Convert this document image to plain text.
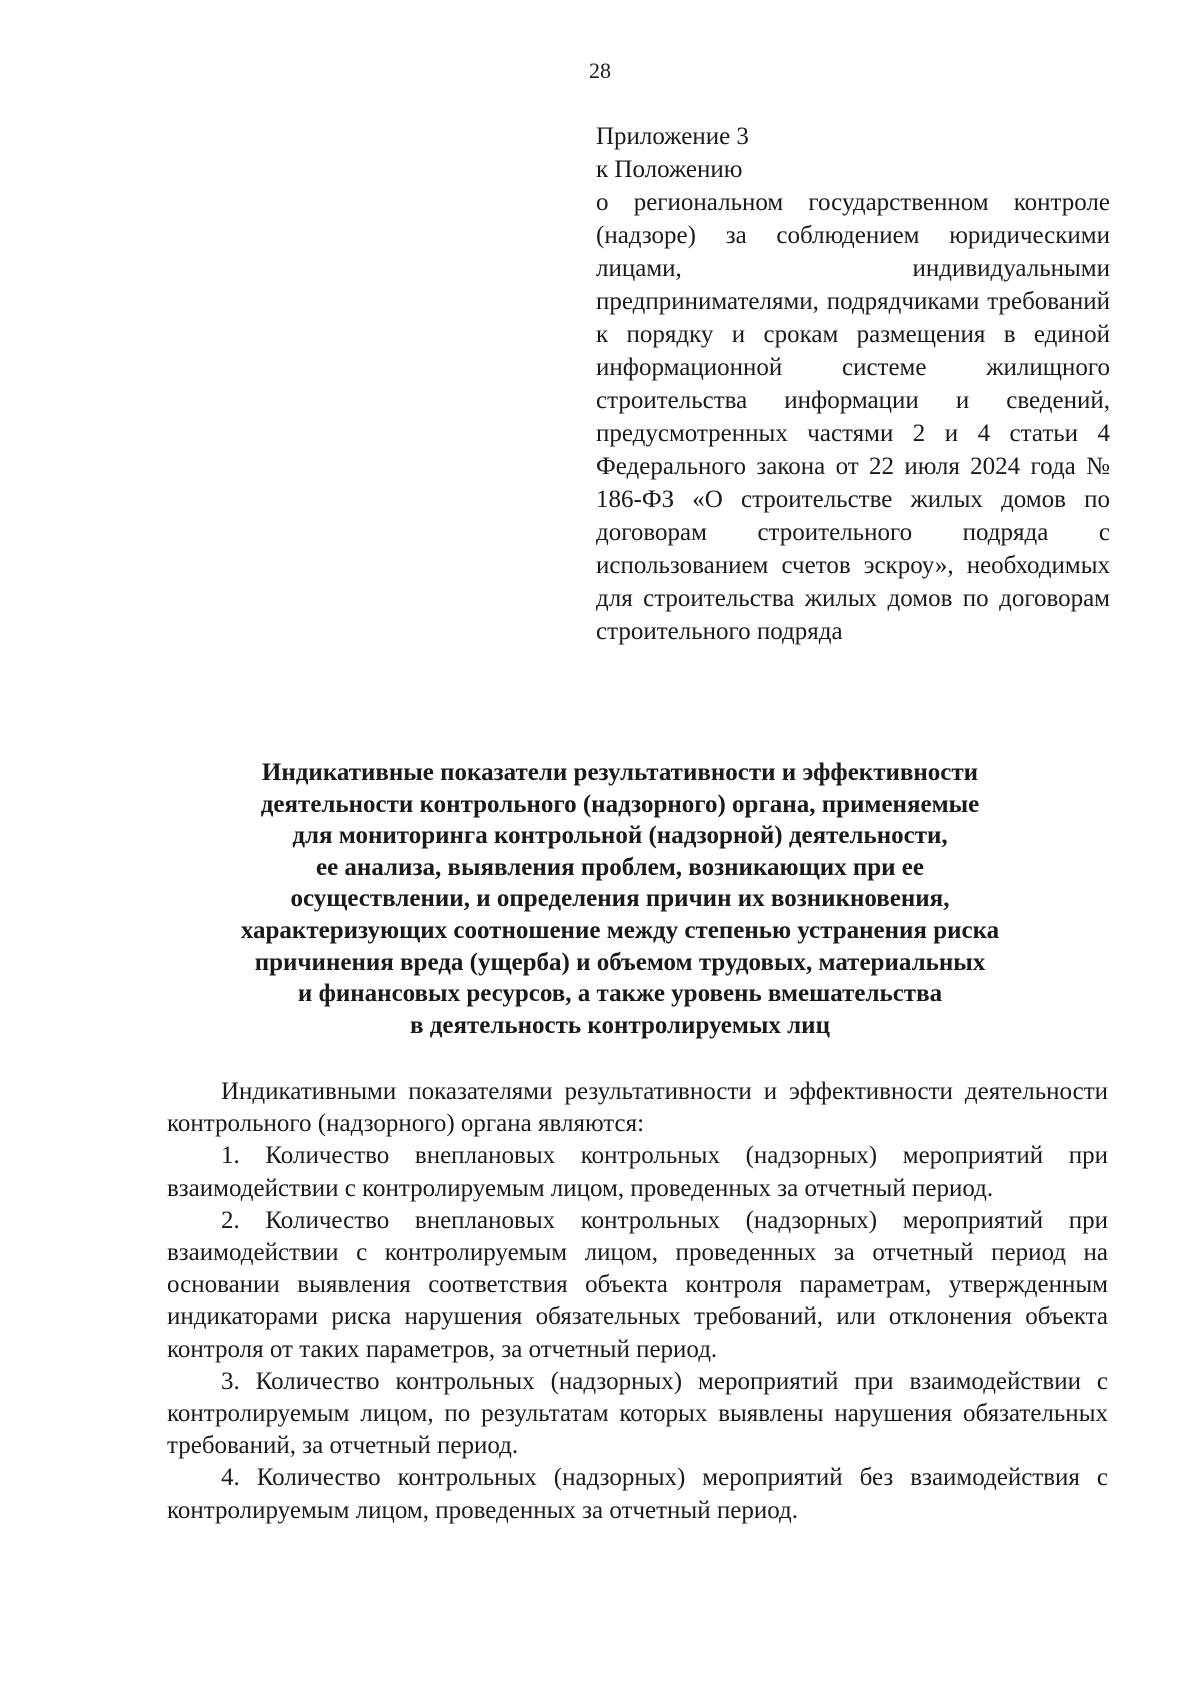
28
Приложение 3
к Положению
о региональном государственном контроле (надзоре) за соблюдением юридическими лицами, индивидуальными предпринимателями, подрядчиками требований к порядку и срокам размещения в единой информационной системе жилищного строительства информации и сведений, предусмотренных частями 2 и 4 статьи 4 Федерального закона от 22 июля 2024 года № 186-ФЗ «О строительстве жилых домов по договорам строительного подряда с использованием счетов эскроу», необходимых для строительства жилых домов по договорам строительного подряда
Индикативные показатели результативности и эффективности
деятельности контрольного (надзорного) органа, применяемые
для мониторинга контрольной (надзорной) деятельности,
ее анализа, выявления проблем, возникающих при ее
осуществлении, и определения причин их возникновения,
характеризующих соотношение между степенью устранения риска
причинения вреда (ущерба) и объемом трудовых, материальных
и финансовых ресурсов, а также уровень вмешательства
в деятельность контролируемых лиц

Индикативными показателями результативности и эффективности деятельности контрольного (надзорного) органа являются:

1. Количество внеплановых контрольных (надзорных) мероприятий при взаимодействии с контролируемым лицом, проведенных за отчетный период.

2. Количество внеплановых контрольных (надзорных) мероприятий при взаимодействии с контролируемым лицом, проведенных за отчетный период на основании выявления соответствия объекта контроля параметрам, утвержденным индикаторами риска нарушения обязательных требований, или отклонения объекта контроля от таких параметров, за отчетный период.

3. Количество контрольных (надзорных) мероприятий при взаимодействии с контролируемым лицом, по результатам которых выявлены нарушения обязательных требований, за отчетный период.

4. Количество контрольных (надзорных) мероприятий без взаимодействия с контролируемым лицом, проведенных за отчетный период.
